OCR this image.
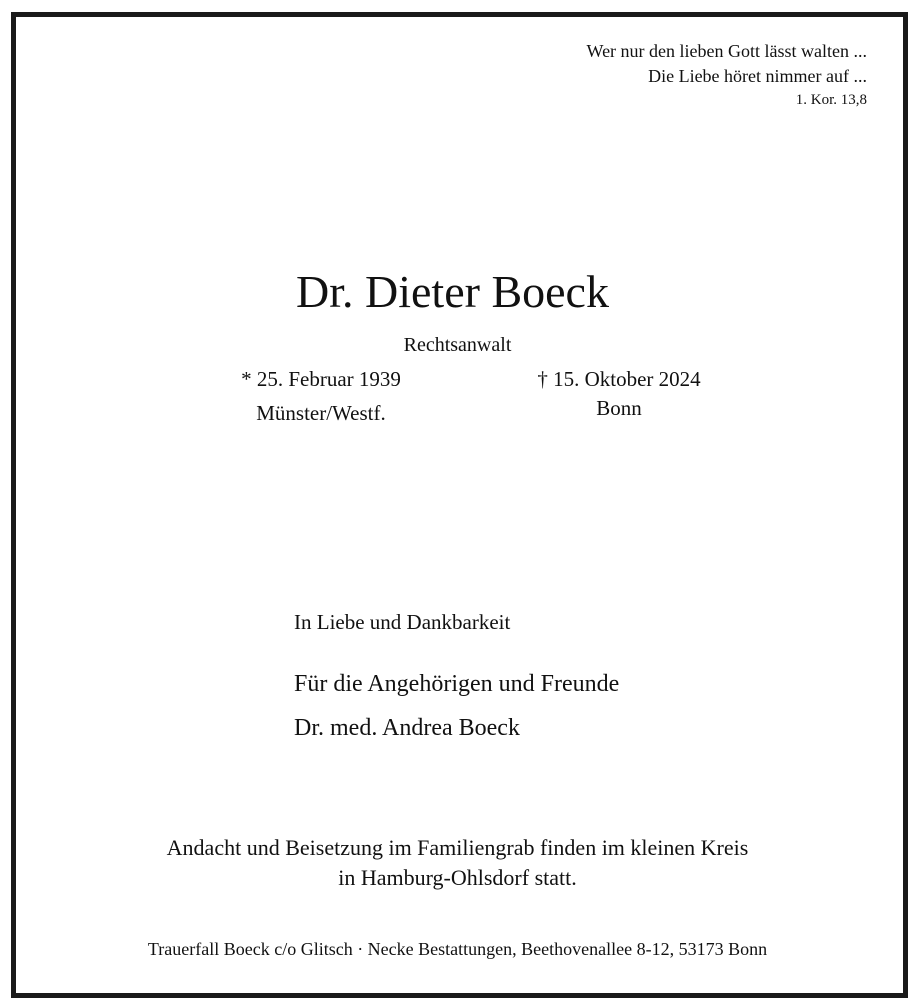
Wer nur den lieben Gott lässt walten ...

Die Liebe höret nimmer auf ...

1. Kor. 13,8

Dr. Dieter Boeck

Rechtsanwalt

* 25. Februar 1939

Münster/Westf.

† 15. Oktober 2024

Bonn

In Liebe und Dankbarkeit

Für die Angehörigen und Freunde

Dr. med. Andrea Boeck

Andacht und Beisetzung im Familiengrab finden im kleinen Kreis

in Hamburg-Ohlsdorf statt.

Trauerfall Boeck c/o Glitsch · Necke Bestattungen, Beethovenallee 8-12, 53173 Bonn
